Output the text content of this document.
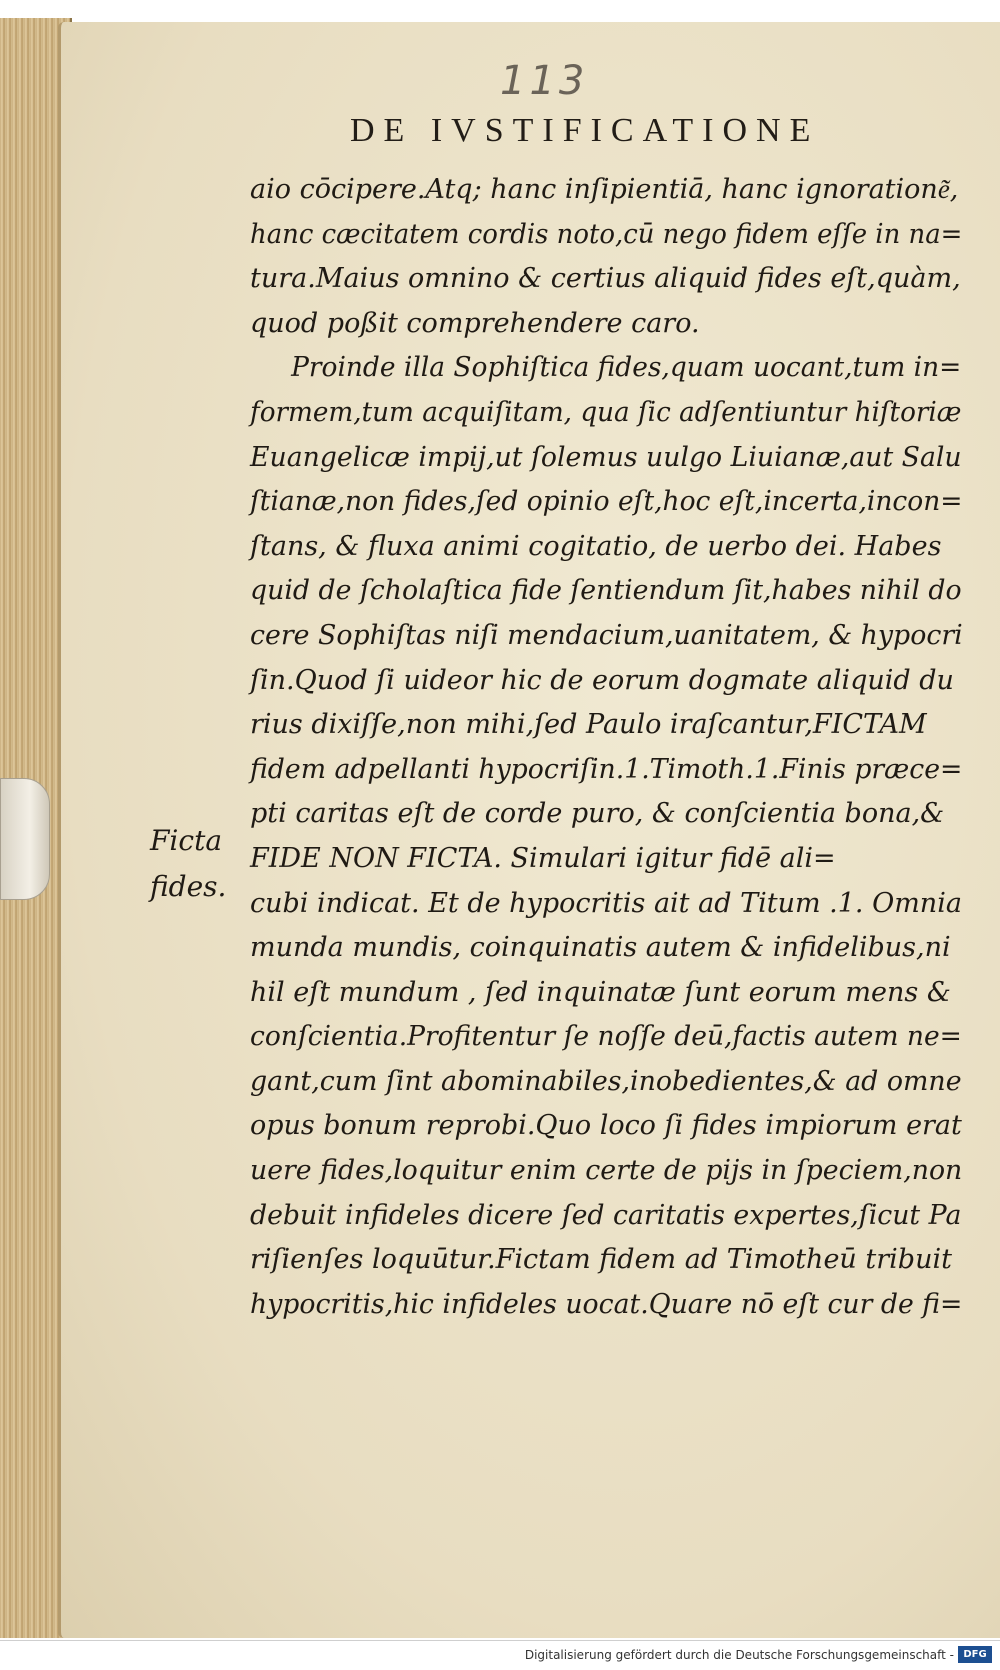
113
DE IVSTIFICATIONE
Ficta
fides.
aio cōcipere.Atq; hanc inſipientiā, hanc ignoratione͂,
hanc cæcitatem cordis noto,cū nego fidem eſſe in na=
tura.Maius omnino & certius aliquid fides eſt,quàm,
quod poßit comprehendere caro.
Proinde illa Sophiſtica fides,quam uocant,tum in=
formem,tum acquiſitam, qua ſic adſentiuntur hiſtoriæ
Euangelicæ impij,ut ſolemus uulgo Liuianæ,aut Salu
ſtianæ,non fides,ſed opinio eſt,hoc eſt,incerta,incon=
ſtans, & fluxa animi cogitatio, de uerbo dei. Habes
quid de ſcholaſtica fide ſentiendum ſit,habes nihil do
cere Sophiſtas niſi mendacium,uanitatem, & hypocri
ſin.Quod ſi uideor hic de eorum dogmate aliquid du
rius dixiſſe,non mihi,ſed Paulo iraſcantur,FICTAM
fidem adpellanti hypocriſin.1.Timoth.1.Finis præce=
pti caritas eſt de corde puro, & conſcientia bona,&
FIDE NON FICTA. Simulari igitur fidē ali=
cubi indicat. Et de hypocritis ait ad Titum .1. Omnia
munda mundis, coinquinatis autem & infidelibus,ni
hil eſt mundum , ſed inquinatæ ſunt eorum mens &
conſcientia.Profitentur ſe noſſe deū,factis autem ne=
gant,cum ſint abominabiles,inobedientes,& ad omne
opus bonum reprobi.Quo loco ſi fides impiorum erat
uere fides,loquitur enim certe de pijs in ſpeciem,non
debuit infideles dicere ſed caritatis expertes,ſicut Pa
riſienſes loquūtur.Fictam fidem ad Timotheū tribuit
hypocritis,hic infideles uocat.Quare nō eſt cur de fi=
Digitalisierung gefördert durch die Deutsche Forschungsgemeinschaft - DFG
